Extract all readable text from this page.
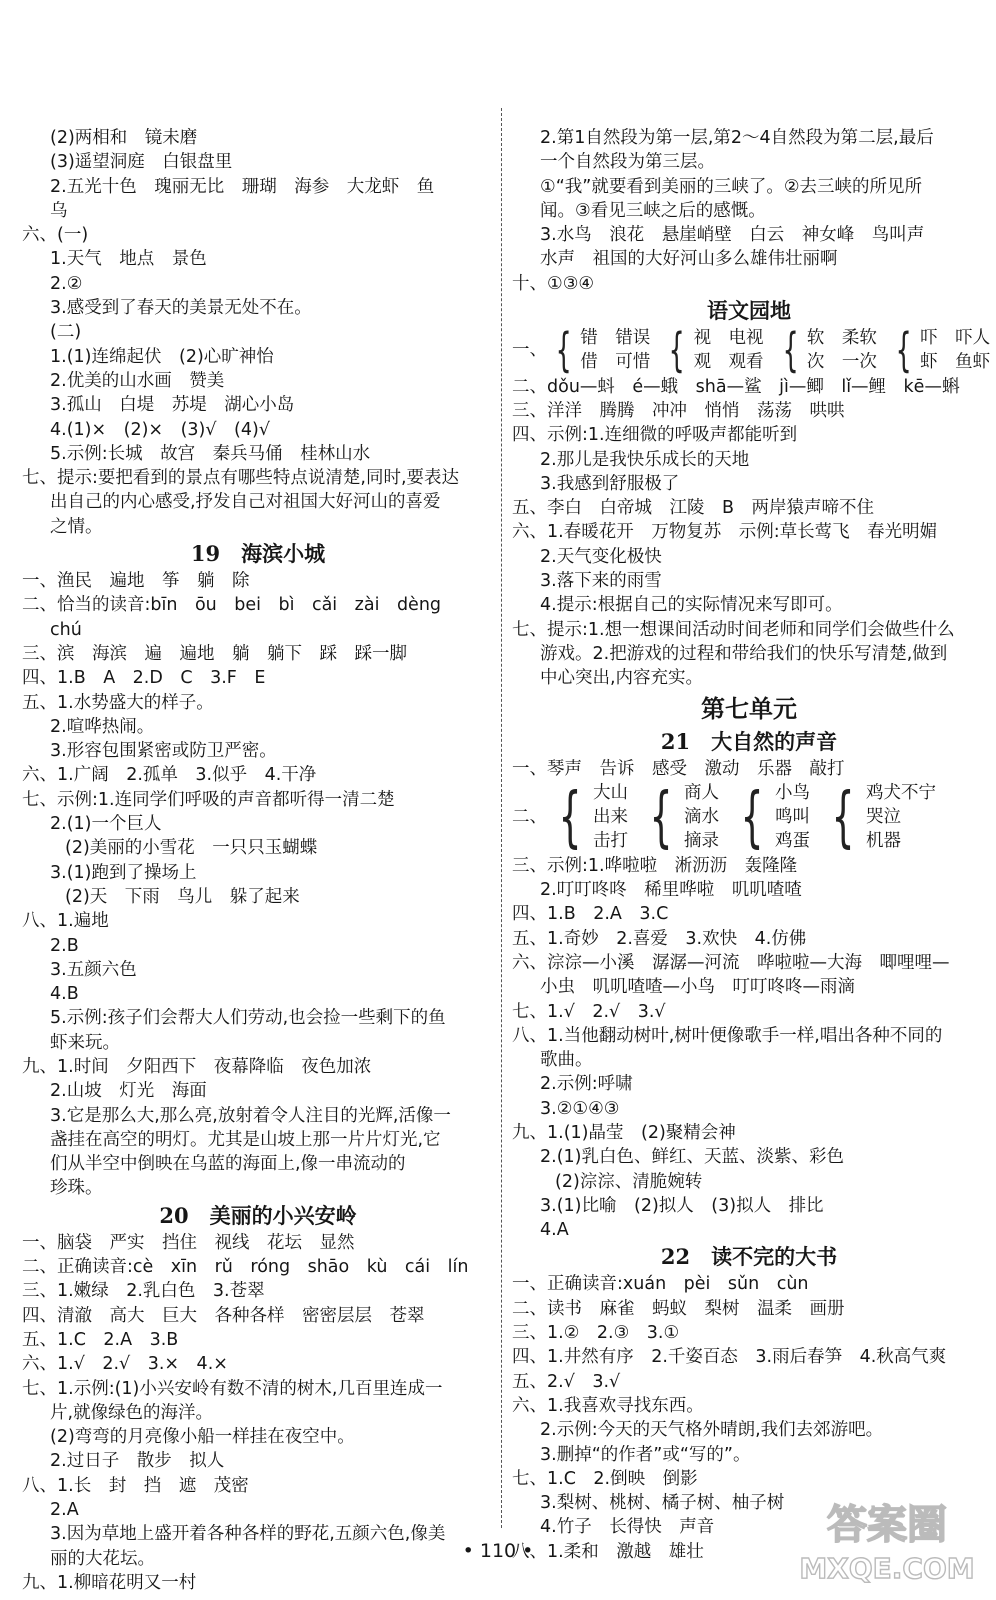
(2)两相和　镜未磨
(3)遥望洞庭　白银盘里
2.五光十色　瑰丽无比　珊瑚　海参　大龙虾　鱼
乌
六、(一)
1.天气　地点　景色
2.②
3.感受到了春天的美景无处不在。
(二)
1.(1)连绵起伏　(2)心旷神怡
2.优美的山水画　赞美
3.孤山　白堤　苏堤　湖心小岛
4.(1)×　(2)×　(3)√　(4)√
5.示例:长城　故宫　秦兵马俑　桂林山水
七、提示:要把看到的景点有哪些特点说清楚,同时,要表达
出自己的内心感受,抒发自己对祖国大好河山的喜爱
之情。
19　海滨小城
一、渔民　遍地　筝　躺　除
二、恰当的读音:bīn　ōu　bei　bì　cǎi　zài　dèng
chú
三、滨　海滨　遍　遍地　躺　躺下　踩　踩一脚
四、1.B　A　2.D　C　3.F　E
五、1.水势盛大的样子。
2.喧哗热闹。
3.形容包围紧密或防卫严密。
六、1.广阔　2.孤单　3.似乎　4.干净
七、示例:1.连同学们呼吸的声音都听得一清二楚
2.(1)一个巨人
(2)美丽的小雪花　一只只玉蝴蝶
3.(1)跑到了操场上
(2)天　下雨　鸟儿　躲了起来
八、1.遍地
2.B
3.五颜六色
4.B
5.示例:孩子们会帮大人们劳动,也会捡一些剩下的鱼
虾来玩。
九、1.时间　夕阳西下　夜幕降临　夜色加浓
2.山坡　灯光　海面
3.它是那么大,那么亮,放射着令人注目的光辉,活像一
盏挂在高空的明灯。尤其是山坡上那一片片灯光,它
们从半空中倒映在乌蓝的海面上,像一串流动的
珍珠。
20　美丽的小兴安岭
一、脑袋　严实　挡住　视线　花坛　显然
二、正确读音:cè　xīn　rǔ　róng　shāo　kù　cái　lín
三、1.嫩绿　2.乳白色　3.苍翠
四、清澈　高大　巨大　各种各样　密密层层　苍翠
五、1.C　2.A　3.B
六、1.√　2.√　3.×　4.×
七、1.示例:(1)小兴安岭有数不清的树木,几百里连成一
片,就像绿色的海洋。
(2)弯弯的月亮像小船一样挂在夜空中。
2.过日子　散步　拟人
八、1.长　封　挡　遮　茂密
2.A
3.因为草地上盛开着各种各样的野花,五颜六色,像美
丽的大花坛。
九、1.柳暗花明又一村
2.第1自然段为第一层,第2～4自然段为第二层,最后
一个自然段为第三层。
①“我”就要看到美丽的三峡了。②去三峡的所见所
闻。③看见三峡之后的感慨。
3.水鸟　浪花　悬崖峭壁　白云　神女峰　鸟叫声
水声　祖国的大好河山多么雄伟壮丽啊
十、①③④
语文园地
一、 { 错　错误
借　可惜 { 视　电视
观　观看 { 软　柔软
次　一次 { 吓　吓人
虾　鱼虾
二、dǒu—蚪　é—蛾　shā—鲨　jì—鲫　lǐ—鲤　kē—蝌
三、洋洋　腾腾　冲冲　悄悄　荡荡　哄哄
四、示例:1.连细微的呼吸声都能听到
2.那儿是我快乐成长的天地
3.我感到舒服极了
五、李白　白帝城　江陵　B　两岸猿声啼不住
六、1.春暖花开　万物复苏　示例:草长莺飞　春光明媚
2.天气变化极快
3.落下来的雨雪
4.提示:根据自己的实际情况来写即可。
七、提示:1.想一想课间活动时间老师和同学们会做些什么
游戏。2.把游戏的过程和带给我们的快乐写清楚,做到
中心突出,内容充实。
第七单元
21　大自然的声音
一、琴声　告诉　感受　激动　乐器　敲打
二、 { 大山
出来
击打 { 商人
滴水
摘录 { 小鸟
鸣叫
鸡蛋 { 鸡犬不宁
哭泣
机器
三、示例:1.哗啦啦　淅沥沥　轰隆隆
2.叮叮咚咚　稀里哗啦　叽叽喳喳
四、1.B　2.A　3.C
五、1.奇妙　2.喜爱　3.欢快　4.仿佛
六、淙淙—小溪　潺潺—河流　哗啦啦—大海　唧哩哩—
小虫　叽叽喳喳—小鸟　叮叮咚咚—雨滴
七、1.√　2.√　3.√
八、1.当他翻动树叶,树叶便像歌手一样,唱出各种不同的
歌曲。
2.示例:呼啸
3.②①④③
九、1.(1)晶莹　(2)聚精会神
2.(1)乳白色、鲜红、天蓝、淡紫、彩色
(2)淙淙、清脆婉转
3.(1)比喻　(2)拟人　(3)拟人　排比
4.A
22　读不完的大书
一、正确读音:xuán　pèi　sǔn　cùn
二、读书　麻雀　蚂蚁　梨树　温柔　画册
三、1.②　2.③　3.①
四、1.井然有序　2.千姿百态　3.雨后春笋　4.秋高气爽
五、2.√　3.√
六、1.我喜欢寻找东西。
2.示例:今天的天气格外晴朗,我们去郊游吧。
3.删掉“的作者”或“写的”。
七、1.C　2.倒映　倒影
3.梨树、桃树、橘子树、柚子树
4.竹子　长得快　声音
八、1.柔和　激越　雄壮
• 110 •
答案圈
MXQE.COM
